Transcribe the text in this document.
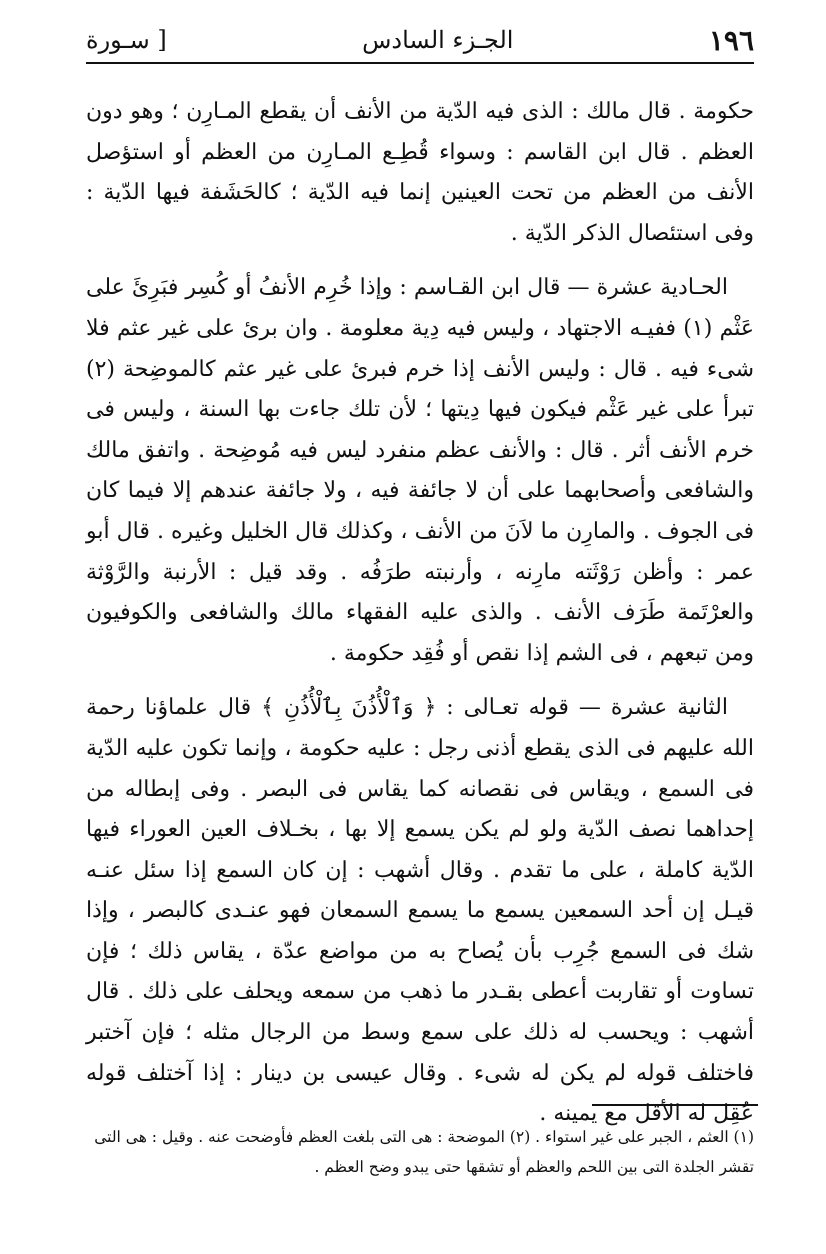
١٩٦
الجـزء السادس
[ سـورة

حكومة . قال مالك : الذى فيه الدّية من الأنف أن يقطع المـارِن ؛ وهو دون العظم . قال ابن القاسم : وسواء قُطِـع المـارِن من العظم أو استؤصل الأنف من العظم من تحت العينين إنما فيه الدّية ؛ كالحَشَفة فيها الدّية : وفى استئصال الذكر الدّية .

الحـادية عشرة — قال ابن القـاسم : وإذا خُرِم الأنفُ أو كُسِر فبَرِئَ على عَثْم (١) ففيـه الاجتهاد ، وليس فيه دِية معلومة . وان برئ على غير عثم فلا شىء فيه . قال : وليس الأنف إذا خرم فبرئ على غير عثم كالموضِحة (٢) تبرأ على غير عَثْم فيكون فيها دِيتها ؛ لأن تلك جاءت بها السنة ، وليس فى خرم الأنف أثر . قال : والأنف عظم منفرد ليس فيه مُوضِحة . واتفق مالك والشافعى وأصحابهما على أن لا جائفة فيه ، ولا جائفة عندهم إلا فيما كان فى الجوف . والمارِن ما لاَنَ من الأنف ، وكذلك قال الخليل وغيره . قال أبو عمر : وأظن رَوْثَته مارِنه ، وأرنبته طرَفُه . وقد قيل : الأرنبة والرَّوْثة والعرْتَمة طَرَف الأنف . والذى عليه الفقهاء مالك والشافعى والكوفيون ومن تبعهم ، فى الشم إذا نقص أو فُقِد حكومة .

الثانية عشرة — قوله تعـالى : ﴿ وَٱلْأُذُنَ بِٱلْأُذُنِ ﴾ قال علماؤنا رحمة الله عليهم فى الذى يقطع أذنى رجل : عليه حكومة ، وإنما تكون عليه الدّية فى السمع ، ويقاس فى نقصانه كما يقاس فى البصر . وفى إبطاله من إحداهما نصف الدّية ولو لم يكن يسمع إلا بها ، بخـلاف العين العوراء فيها الدّية كاملة ، على ما تقدم . وقال أشهب : إن كان السمع إذا سئل عنـه قيـل إن أحد السمعين يسمع ما يسمع السمعان فهو عنـدى كالبصر ، وإذا شك فى السمع جُرِب بأن يُصاح به من مواضع عدّة ، يقاس ذلك ؛ فإن تساوت أو تقاربت أعطى بقـدر ما ذهب من سمعه ويحلف على ذلك . قال أشهب : ويحسب له ذلك على سمع وسط من الرجال مثله ؛ فإن آختبر فاختلف قوله لم يكن له شىء . وقال عيسى بن دينار : إذا آختلف قوله عُقِل له الأقل مع يمينه .

(١) العثم ، الجبر على غير استواء . (٢) الموضحة : هى التى بلغت العظم فأوضحت عنه . وقيل : هى التى
تقشر الجلدة التى بين اللحم والعظم أو تشقها حتى يبدو وضح العظم .
